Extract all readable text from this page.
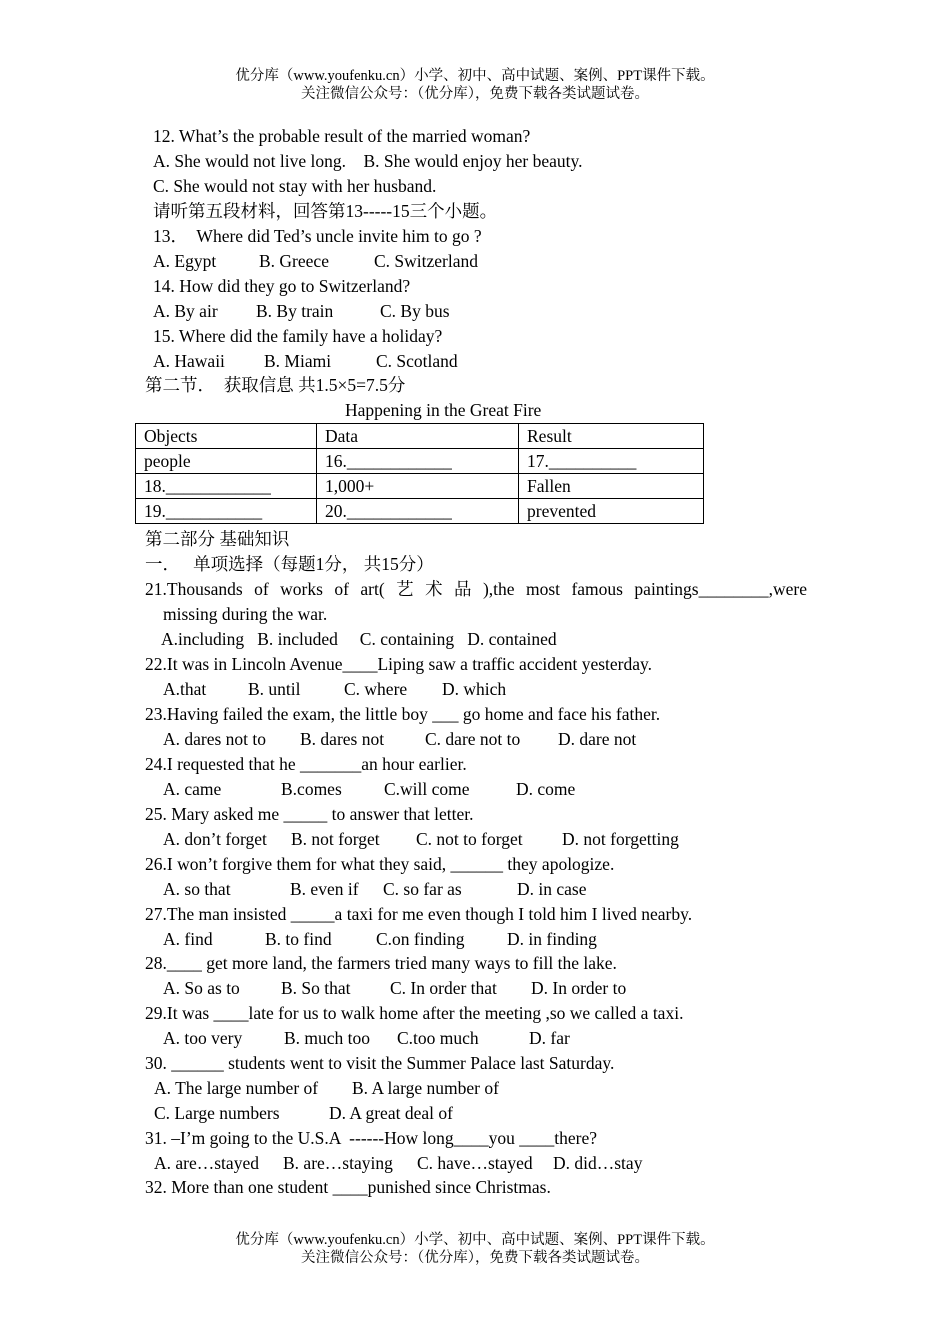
优分库（www.youfenku.cn）小学、初中、高中试题、案例、PPT课件下载。
关注微信公众号：（优分库），免费下载各类试题试卷。
12. What’s the probable result of the married woman?
A. She would not live long.    B. She would enjoy her beauty.
C. She would not stay with her husband.
请听第五段材料，回答第13-----15三个小题。
13．  Where did Ted’s uncle invite him to go ?
A. Egypt B. Greece	C. Switzerland
14. How did they go to Switzerland?
A. By air B. By train	C. By bus
15. Where did the family have a holiday?
A. Hawaii B. Miami	C. Scotland
第二节．  获取信息 共1.5×5=7.5分
Happening in the Great Fire
Objects	Data	Result
people	16.____________	17.__________
18.____________	1,000+	Fallen
19.___________	20.____________	prevented
第二部分 基础知识
一．   单项选择（每题1分， 共15分）
21.Thousands of works of art( 艺 术 品 ),the most famous paintings________,were
missing during the war.
A.including   B. included     C. containing   D. contained
22.It was in Lincoln Avenue____Liping saw a traffic accident yesterday.
A.that B. until C. where D. which
23.Having failed the exam, the little boy ___ go home and face his father.
A. dares not to B. dares not C. dare not to D. dare not
24.I requested that he _______an hour earlier.
A. came	B.comes C.will come	D. come
25. Mary asked me _____ to answer that letter.
A. don’t forget B. not forget C. not to forget D. not forgetting
26.I won’t forgive them for what they said, ______ they apologize.
A. so that	B. even if C. so far as	D. in case
27.The man insisted _____a taxi for me even though I told him I lived nearby.
A. find	B. to find	C.on finding D. in finding
28.____ get more land, the farmers tried many ways to fill the lake.
A. So as to B. So that C. In order that D. In order to
29.It was ____late for us to walk home after the meeting ,so we called a taxi.
A. too very B. much too C.too much	D. far
30. ______ students went to visit the Summer Palace last Saturday.
A. The large number of B. A large number of
C. Large numbers	D. A great deal of
31. –I’m going to the U.S.A  ------How long____you ____there?
A. are…stayed B. are…staying C. have…stayed D. did…stay
32. More than one student ____punished since Christmas.
优分库（www.youfenku.cn）小学、初中、高中试题、案例、PPT课件下载。
关注微信公众号：（优分库），免费下载各类试题试卷。
